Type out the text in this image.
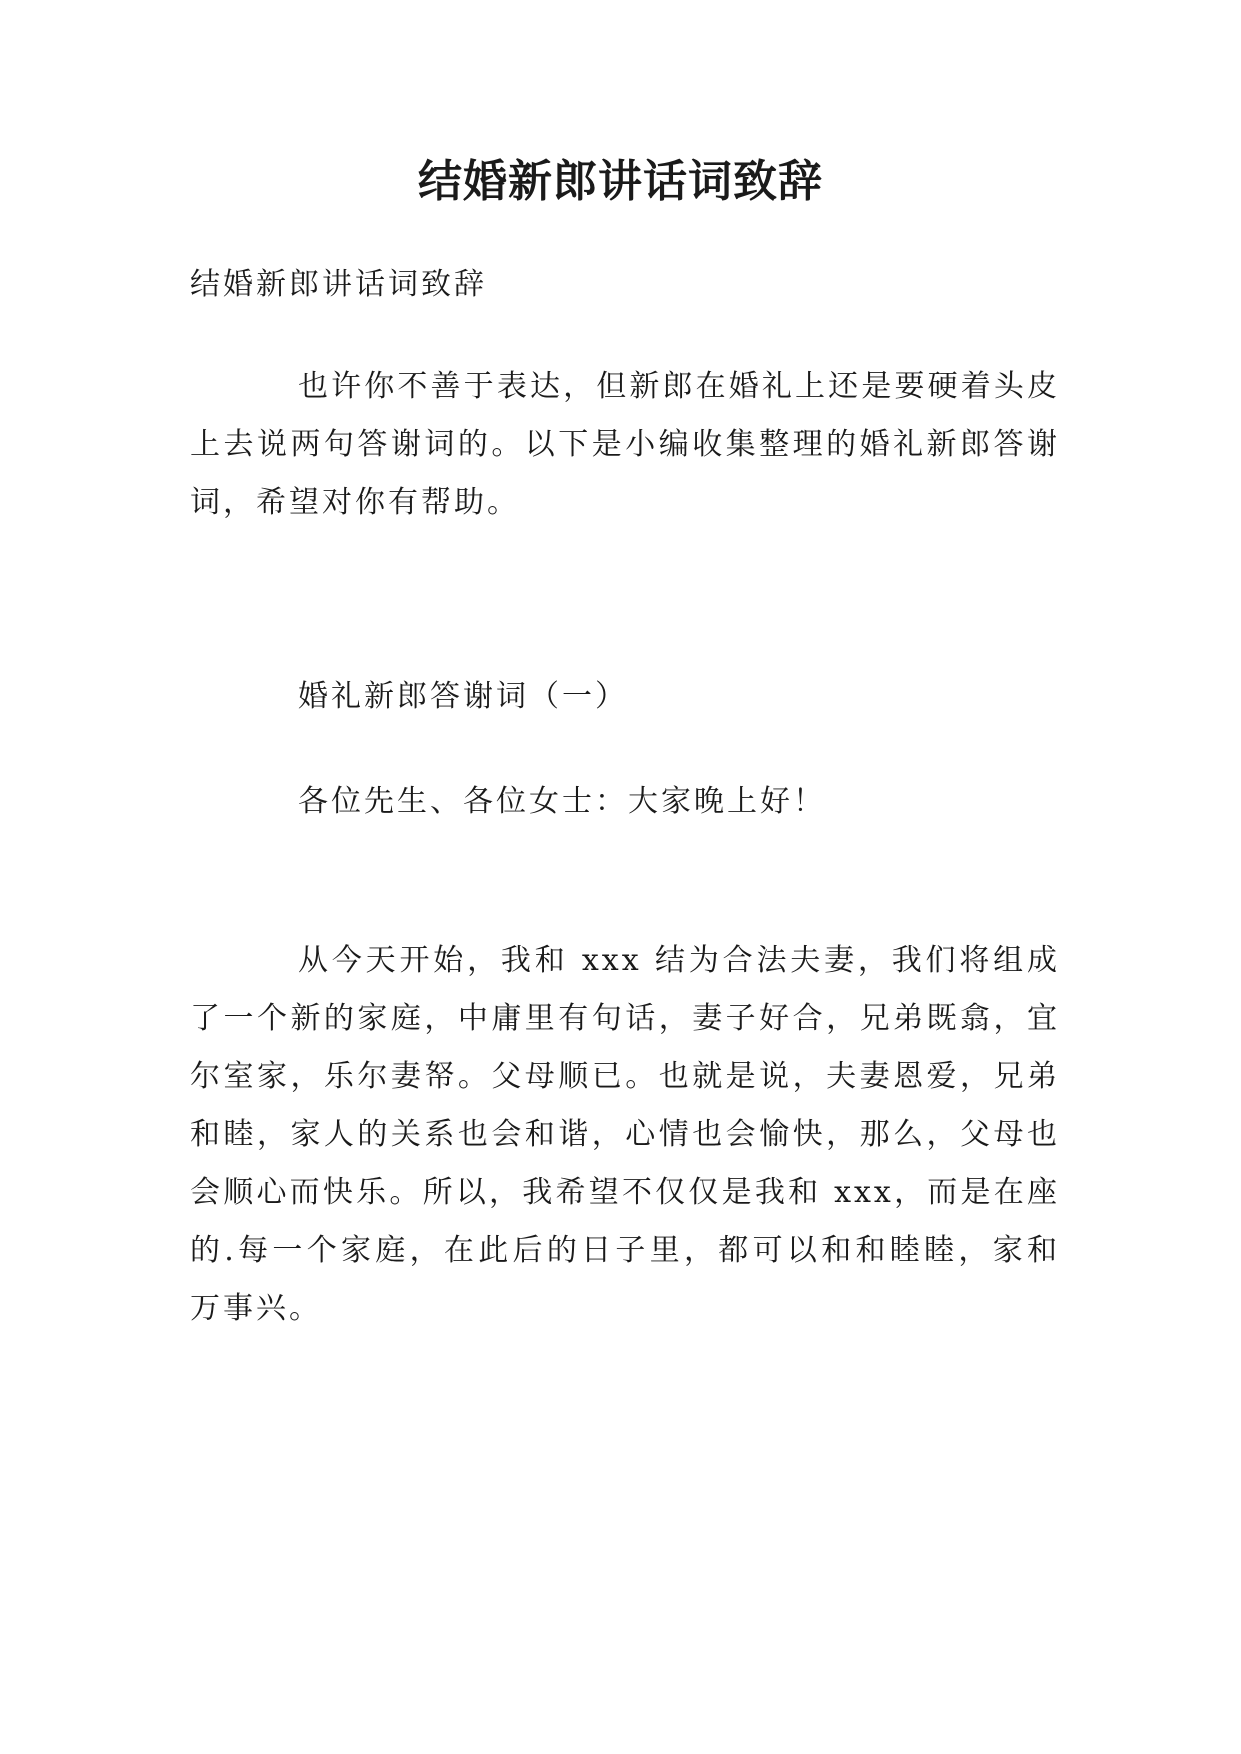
结婚新郎讲话词致辞

结婚新郎讲话词致辞

也许你不善于表达，但新郎在婚礼上还是要硬着头皮上去说两句答谢词的。以下是小编收集整理的婚礼新郎答谢词，希望对你有帮助。

婚礼新郎答谢词（一）

各位先生、各位女士：大家晚上好！

从今天开始，我和 xxx 结为合法夫妻，我们将组成了一个新的家庭，中庸里有句话，妻子好合，兄弟既翕，宜尔室家，乐尔妻帑。父母顺已。也就是说，夫妻恩爱，兄弟和睦，家人的关系也会和谐，心情也会愉快，那么，父母也会顺心而快乐。所以，我希望不仅仅是我和 xxx，而是在座的.每一个家庭，在此后的日子里，都可以和和睦睦，家和万事兴。
